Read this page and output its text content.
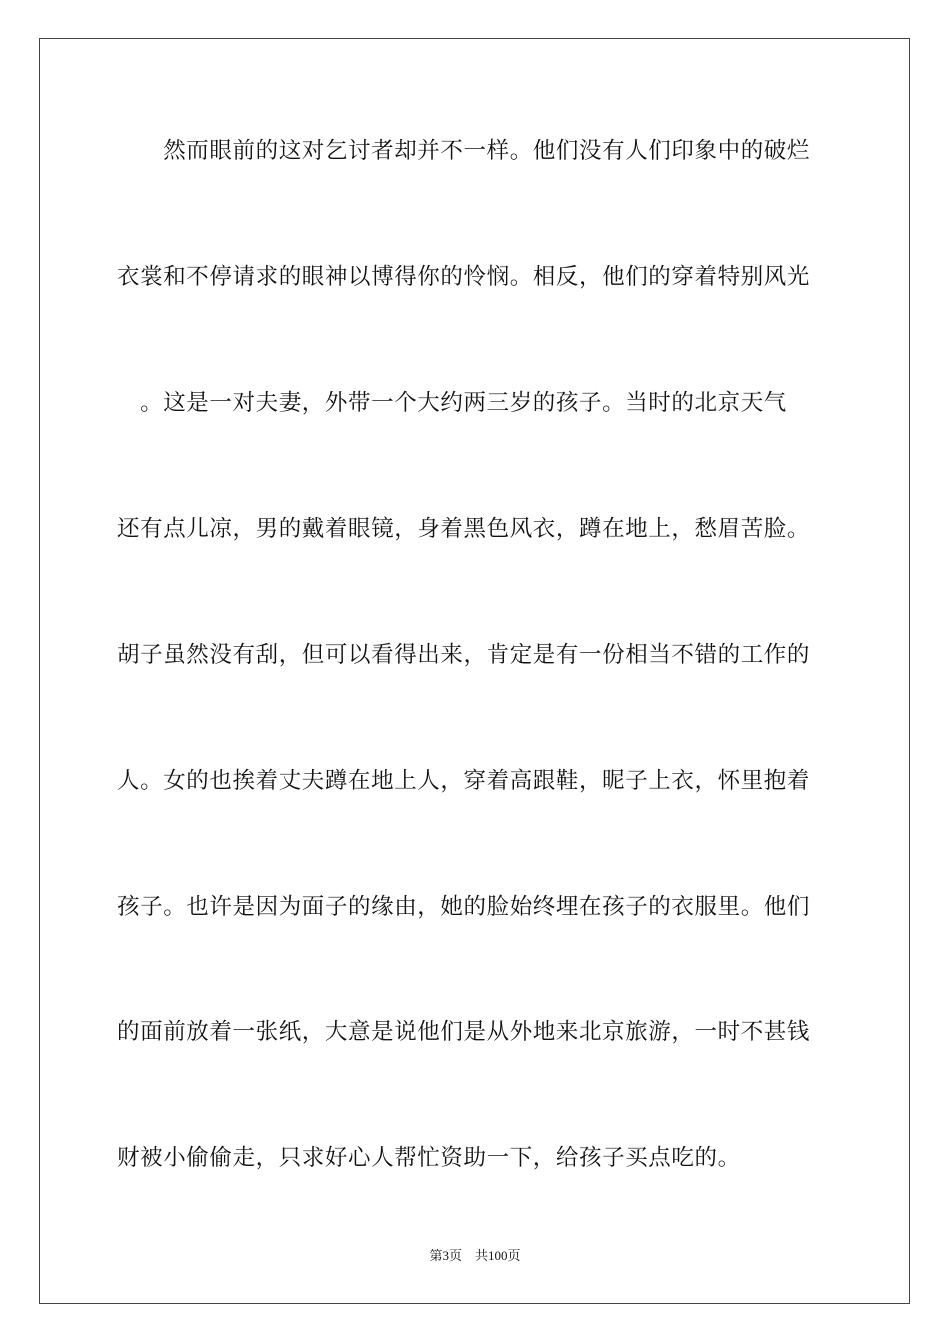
　　然而眼前的这对乞讨者却并不一样。他们没有人们印象中的破烂
衣裳和不停请求的眼神以博得你的怜悯。相反，他们的穿着特别风光
　。这是一对夫妻，外带一个大约两三岁的孩子。当时的北京天气
还有点儿凉，男的戴着眼镜，身着黑色风衣，蹲在地上，愁眉苦脸。
胡子虽然没有刮，但可以看得出来，肯定是有一份相当不错的工作的
人。女的也挨着丈夫蹲在地上人，穿着高跟鞋，昵子上衣，怀里抱着
孩子。也许是因为面子的缘由，她的脸始终埋在孩子的衣服里。他们
的面前放着一张纸，大意是说他们是从外地来北京旅游，一时不甚钱
财被小偷偷走，只求好心人帮忙资助一下，给孩子买点吃的。
第3页　共100页
